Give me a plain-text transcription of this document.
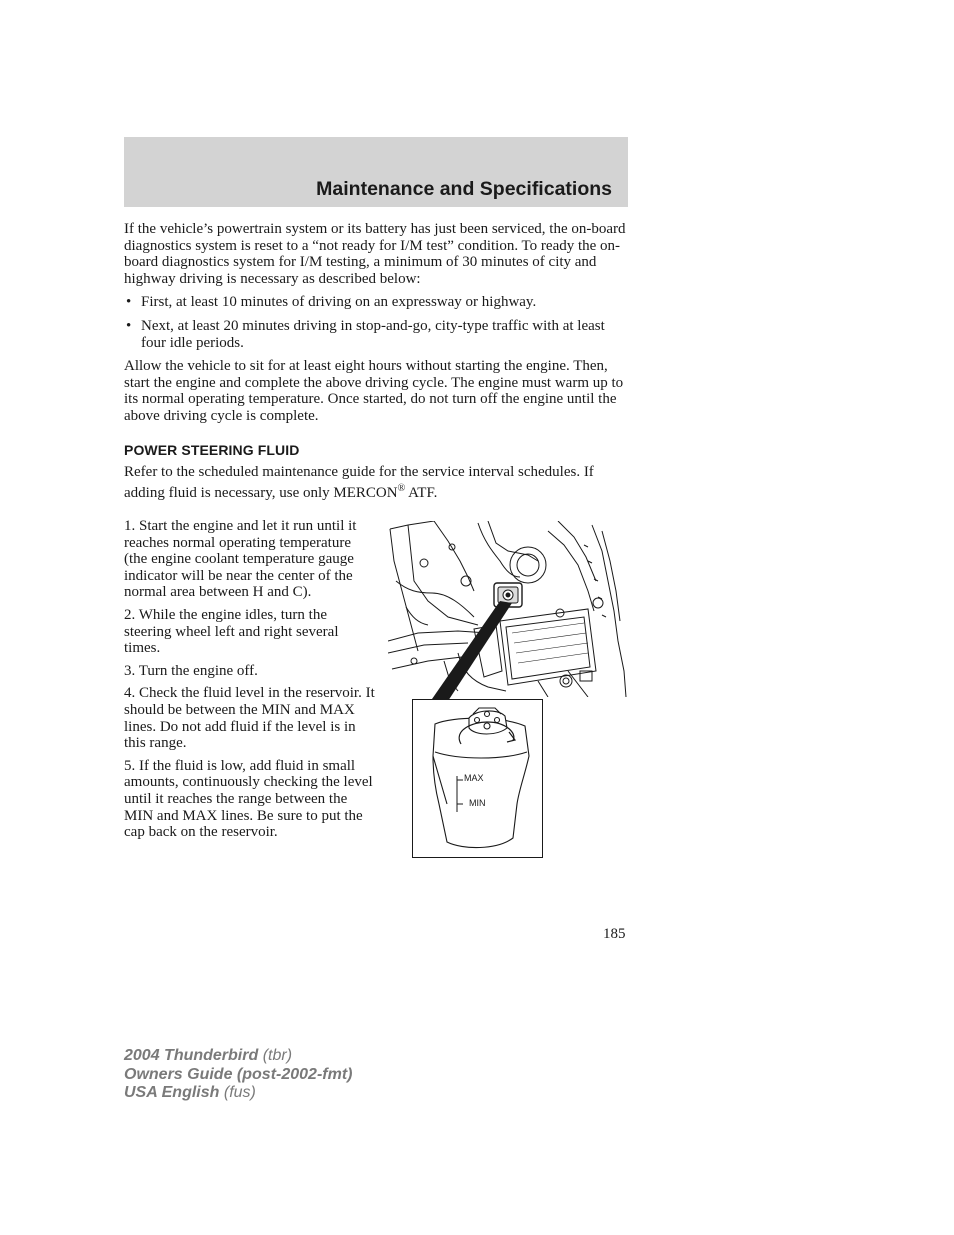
Maintenance and Specifications

If the vehicle’s powertrain system or its battery has just been serviced, the on-board diagnostics system is reset to a “not ready for I/M test” condition. To ready the on-board diagnostics system for I/M testing, a minimum of 30 minutes of city and highway driving is necessary as described below:

• First, at least 10 minutes of driving on an expressway or highway.
• Next, at least 20 minutes driving in stop-and-go, city-type traffic with at least four idle periods.

Allow the vehicle to sit for at least eight hours without starting the engine. Then, start the engine and complete the above driving cycle. The engine must warm up to its normal operating temperature. Once started, do not turn off the engine until the above driving cycle is complete.

POWER STEERING FLUID

Refer to the scheduled maintenance guide for the service interval schedules. If adding fluid is necessary, use only MERCON® ATF.

1. Start the engine and let it run until it reaches normal operating temperature (the engine coolant temperature gauge indicator will be near the center of the normal area between H and C).

2. While the engine idles, turn the steering wheel left and right several times.

3. Turn the engine off.

4. Check the fluid level in the reservoir. It should be between the MIN and MAX lines. Do not add fluid if the level is in this range.

5. If the fluid is low, add fluid in small amounts, continuously checking the level until it reaches the range between the MIN and MAX lines. Be sure to put the cap back on the reservoir.

MAX
MIN
185
2004 Thunderbird (tbr)
Owners Guide (post-2002-fmt)
USA English (fus)
